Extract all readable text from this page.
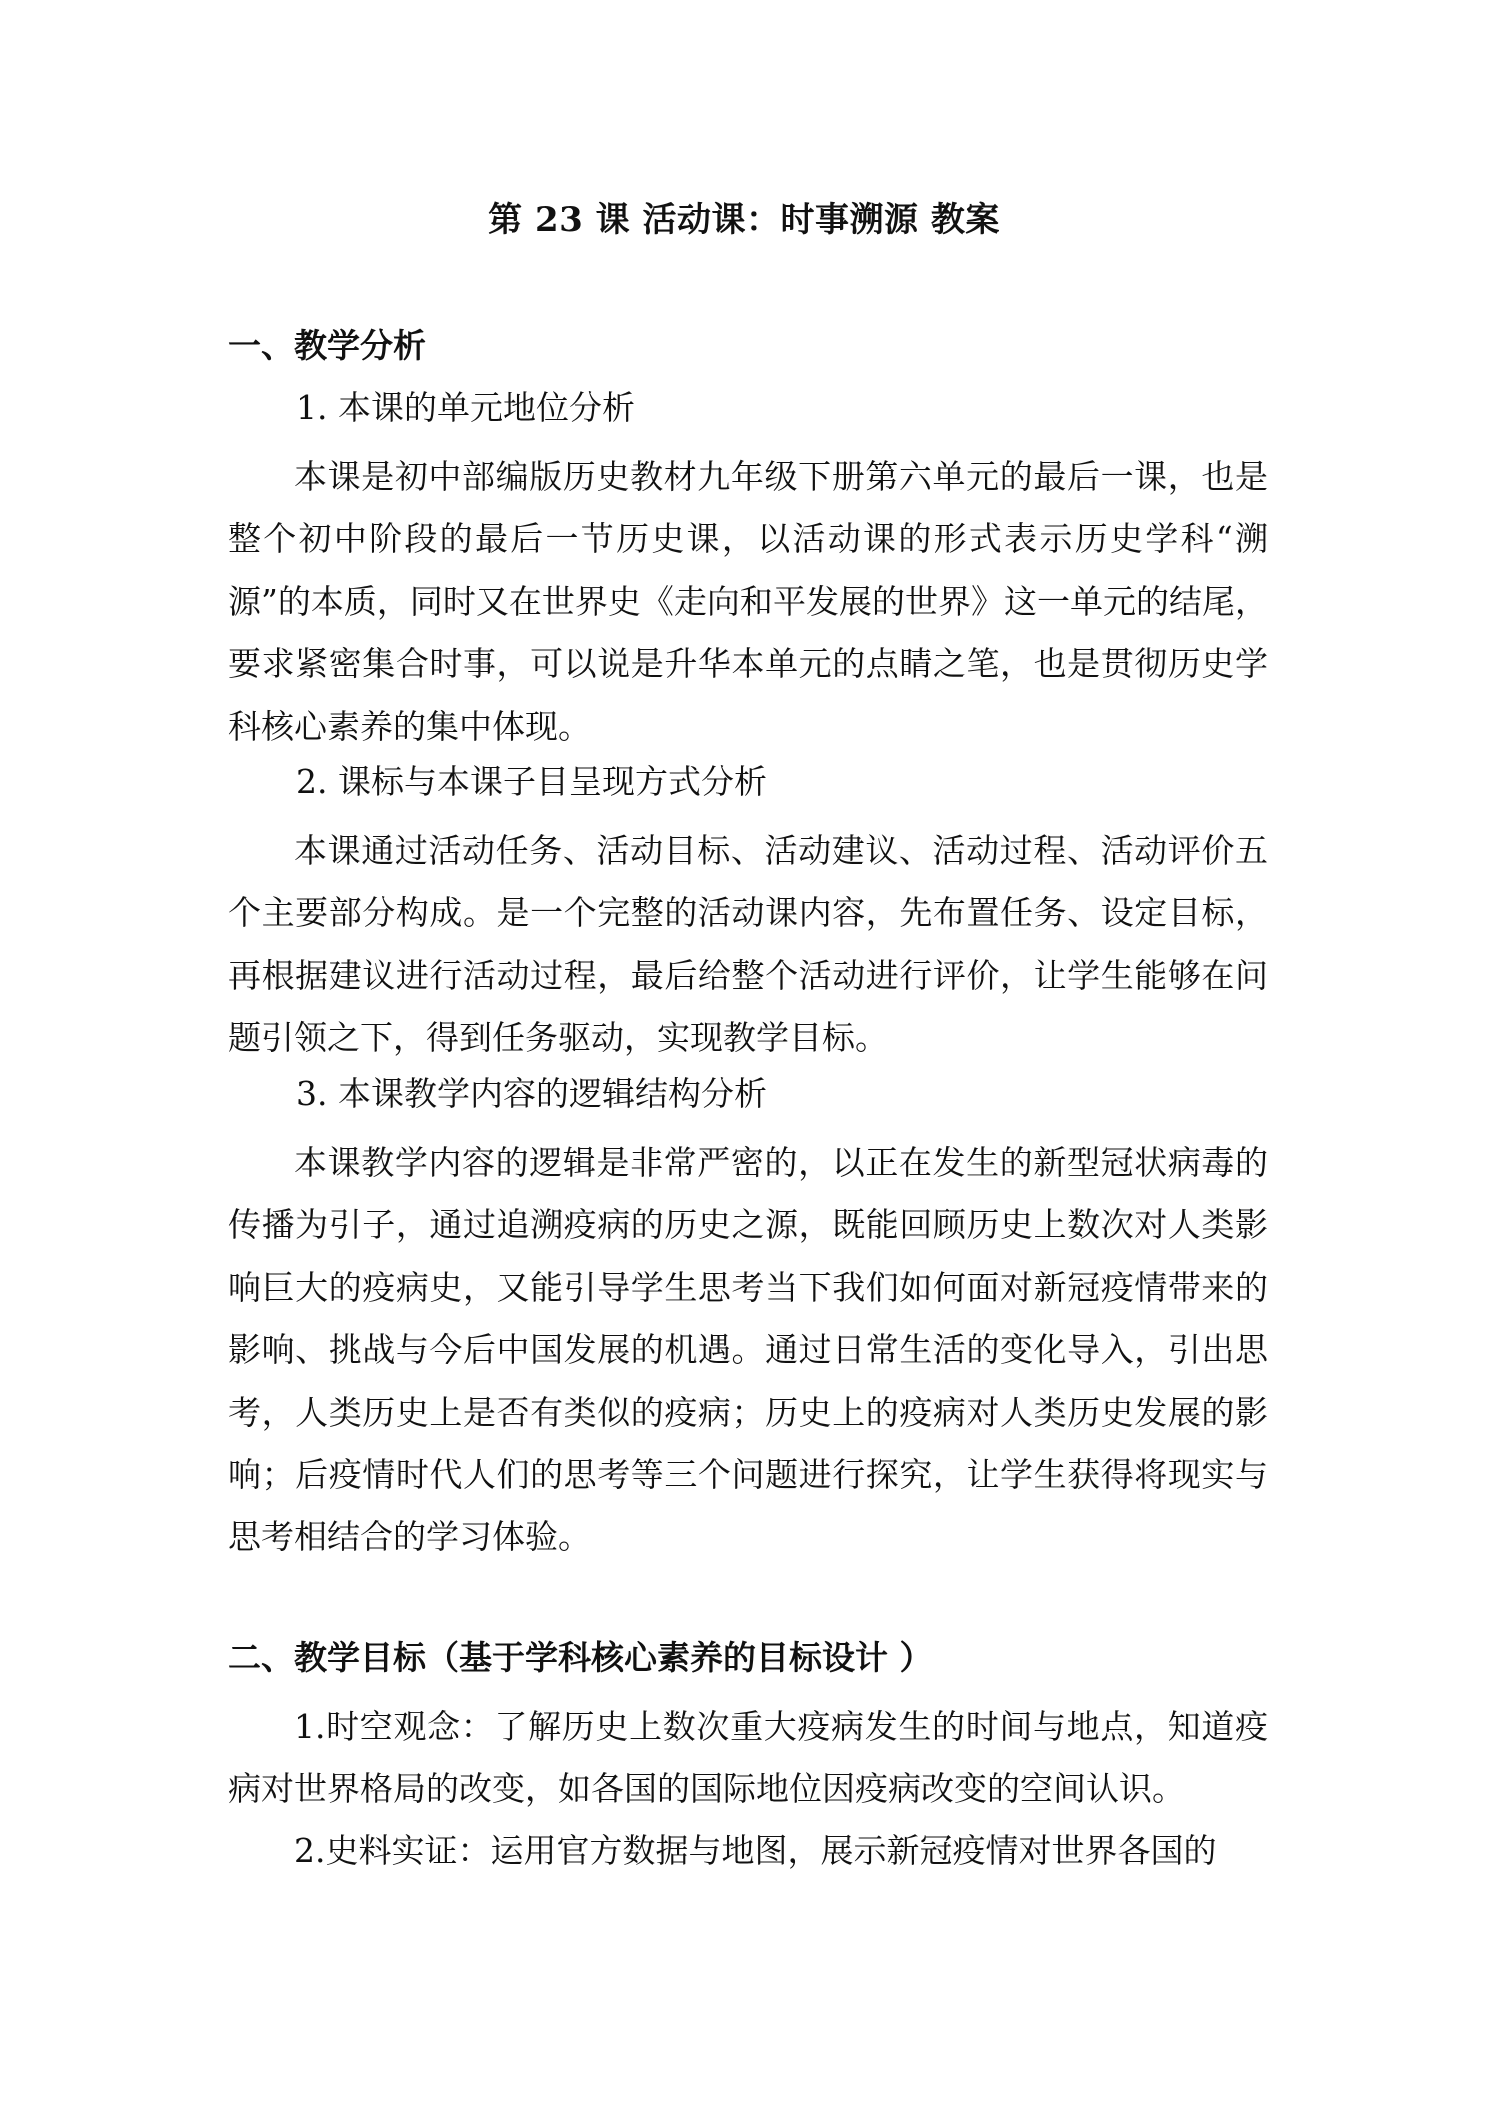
第 23 课 活动课：时事溯源 教案
一、教学分析
1. 本课的单元地位分析

本课是初中部编版历史教材九年级下册第六单元的最后一课，也是整个初中阶段的最后一节历史课，以活动课的形式表示历史学科“溯源”的本质，同时又在世界史《走向和平发展的世界》这一单元的结尾，要求紧密集合时事，可以说是升华本单元的点睛之笔，也是贯彻历史学科核心素养的集中体现。

2. 课标与本课子目呈现方式分析

本课通过活动任务、活动目标、活动建议、活动过程、活动评价五个主要部分构成。是一个完整的活动课内容，先布置任务、设定目标，再根据建议进行活动过程，最后给整个活动进行评价，让学生能够在问题引领之下，得到任务驱动，实现教学目标。

3. 本课教学内容的逻辑结构分析

本课教学内容的逻辑是非常严密的，以正在发生的新型冠状病毒的传播为引子，通过追溯疫病的历史之源，既能回顾历史上数次对人类影响巨大的疫病史，又能引导学生思考当下我们如何面对新冠疫情带来的影响、挑战与今后中国发展的机遇。通过日常生活的变化导入，引出思考，人类历史上是否有类似的疫病；历史上的疫病对人类历史发展的影响；后疫情时代人们的思考等三个问题进行探究，让学生获得将现实与思考相结合的学习体验。

二、教学目标（基于学科核心素养的目标设计 ）

1.时空观念：了解历史上数次重大疫病发生的时间与地点，知道疫病对世界格局的改变，如各国的国际地位因疫病改变的空间认识。

2.史料实证：运用官方数据与地图，展示新冠疫情对世界各国的
